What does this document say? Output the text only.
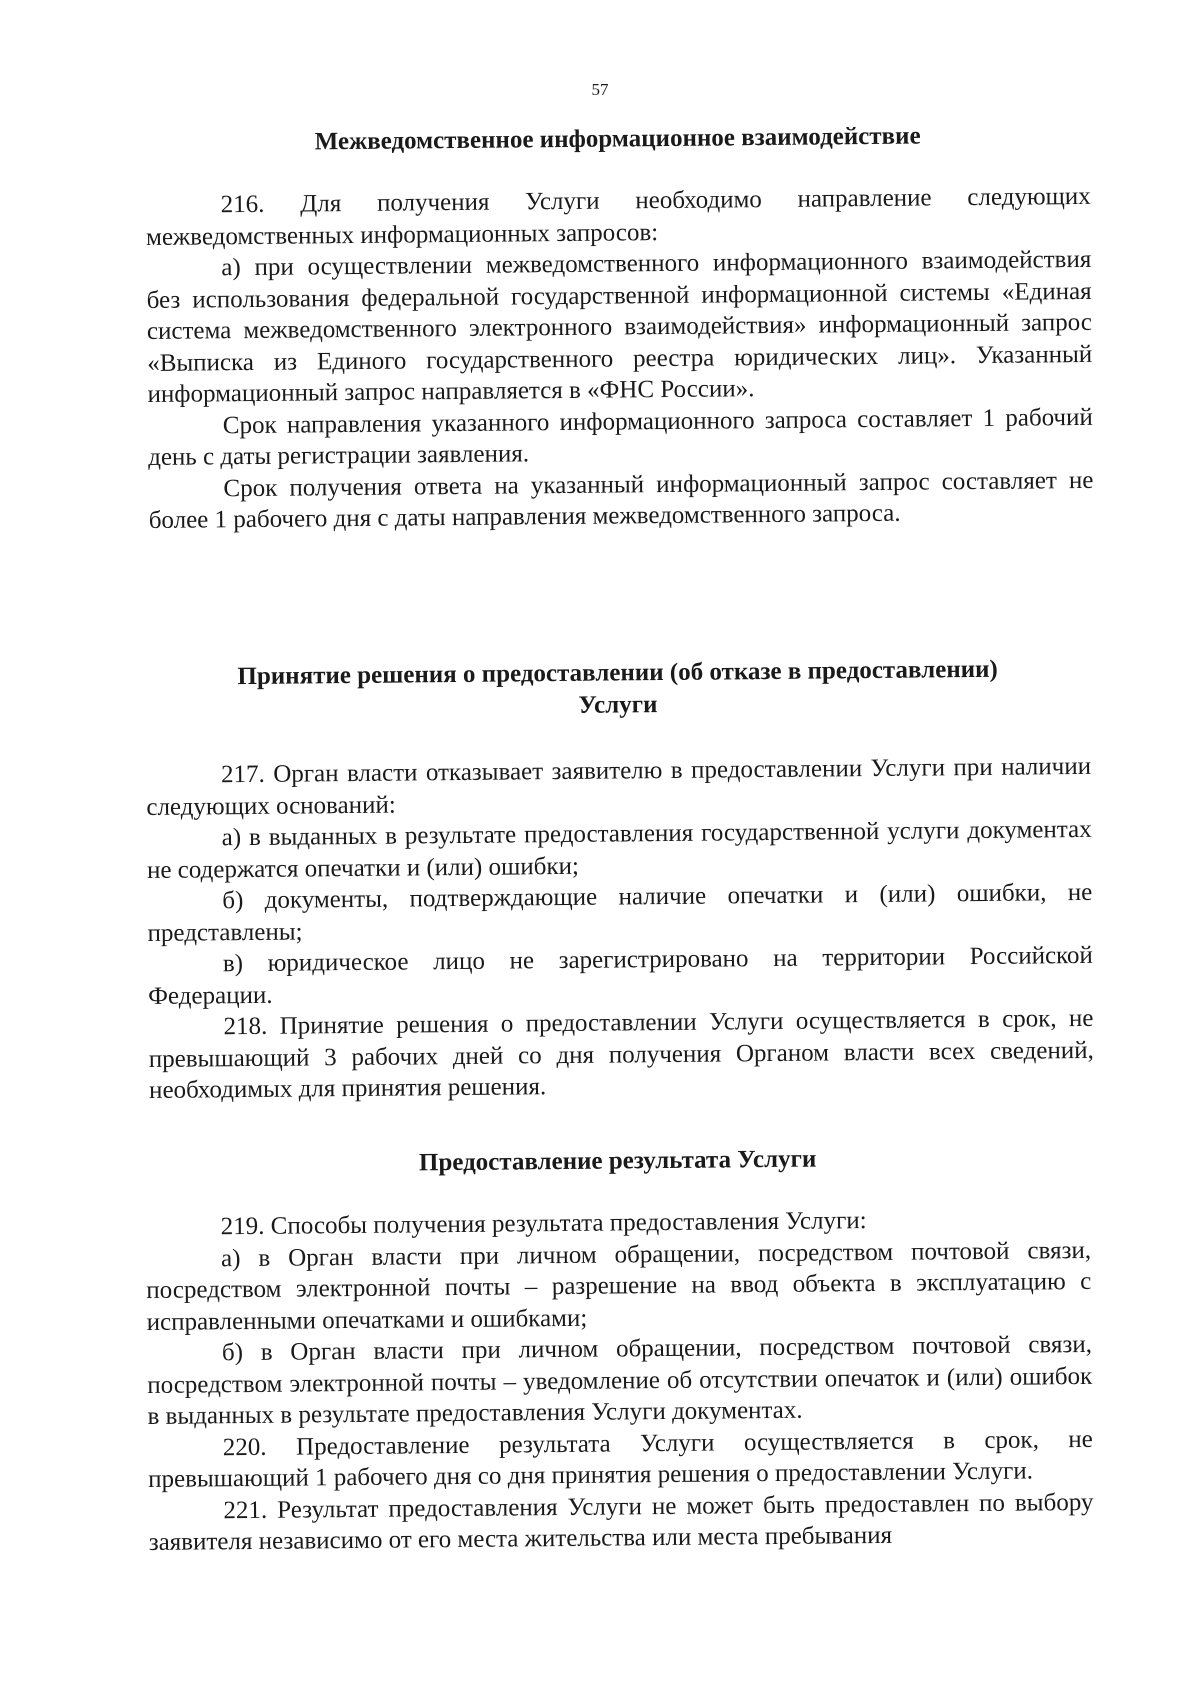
57

Межведомственное информационное взаимодействие

216. Для получения Услуги необходимо направление следующих межведомственных информационных запросов:

а) при осуществлении межведомственного информационного взаимодействия без использования федеральной государственной информационной системы «Единая система межведомственного электронного взаимодействия» информационный запрос «Выписка из Единого государственного реестра юридических лиц». Указанный информационный запрос направляется в «ФНС России».

Срок направления указанного информационного запроса составляет 1 рабочий день с даты регистрации заявления.

Срок получения ответа на указанный информационный запрос составляет не более 1 рабочего дня с даты направления межведомственного запроса.

Принятие решения о предоставлении (об отказе в предоставлении)

Услуги

217. Орган власти отказывает заявителю в предоставлении Услуги при наличии следующих оснований:

а) в выданных в результате предоставления государственной услуги документах не содержатся опечатки и (или) ошибки;

б) документы, подтверждающие наличие опечатки и (или) ошибки, не представлены;

в) юридическое лицо не зарегистрировано на территории Российской Федерации.

218. Принятие решения о предоставлении Услуги осуществляется в срок, не превышающий 3 рабочих дней со дня получения Органом власти всех сведений, необходимых для принятия решения.

Предоставление результата Услуги

219. Способы получения результата предоставления Услуги:

а) в Орган власти при личном обращении, посредством почтовой связи, посредством электронной почты – разрешение на ввод объекта в эксплуатацию с исправленными опечатками и ошибками;

б) в Орган власти при личном обращении, посредством почтовой связи, посредством электронной почты – уведомление об отсутствии опечаток и (или) ошибок в выданных в результате предоставления Услуги документах.

220. Предоставление результата Услуги осуществляется в срок, не превышающий 1 рабочего дня со дня принятия решения о предоставлении Услуги.

221. Результат предоставления Услуги не может быть предоставлен по выбору заявителя независимо от его места жительства или места пребывания
